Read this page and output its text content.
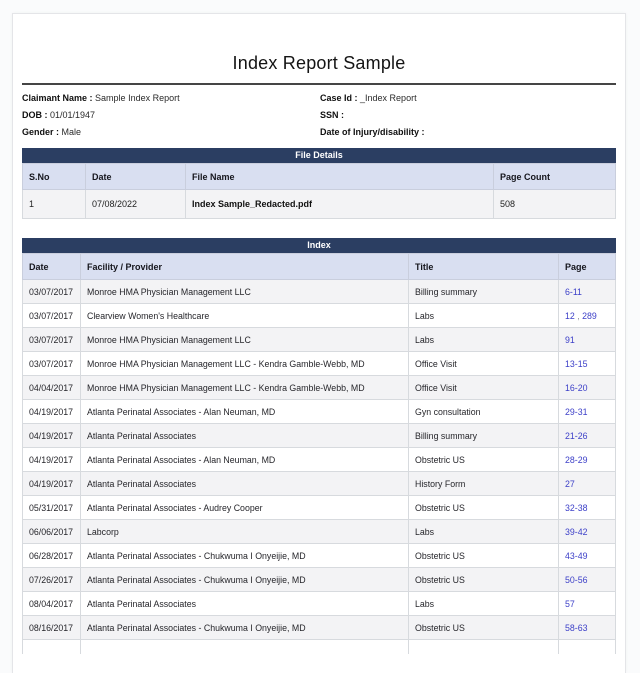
Index Report Sample
Claimant Name : Sample Index Report	Case Id : _Index Report
DOB : 01/01/1947	SSN :
Gender : Male	Date of Injury/disability :
File Details
S.No	Date	File Name	Page Count
1	07/08/2022	Index Sample_Redacted.pdf	508
Index
Date	Facility / Provider	Title	Page
03/07/2017	Monroe HMA Physician Management LLC	Billing summary	6-11
03/07/2017	Clearview Women's Healthcare	Labs	12 , 289
03/07/2017	Monroe HMA Physician Management LLC	Labs	91
03/07/2017	Monroe HMA Physician Management LLC - Kendra Gamble-Webb, MD	Office Visit	13-15
04/04/2017	Monroe HMA Physician Management LLC - Kendra Gamble-Webb, MD	Office Visit	16-20
04/19/2017	Atlanta Perinatal Associates - Alan Neuman, MD	Gyn consultation	29-31
04/19/2017	Atlanta Perinatal Associates	Billing summary	21-26
04/19/2017	Atlanta Perinatal Associates - Alan Neuman, MD	Obstetric US	28-29
04/19/2017	Atlanta Perinatal Associates	History Form	27
05/31/2017	Atlanta Perinatal Associates - Audrey Cooper	Obstetric US	32-38
06/06/2017	Labcorp	Labs	39-42
06/28/2017	Atlanta Perinatal Associates - Chukwuma I Onyeijie, MD	Obstetric US	43-49
07/26/2017	Atlanta Perinatal Associates - Chukwuma I Onyeijie, MD	Obstetric US	50-56
08/04/2017	Atlanta Perinatal Associates	Labs	57
08/16/2017	Atlanta Perinatal Associates - Chukwuma I Onyeijie, MD	Obstetric US	58-63
